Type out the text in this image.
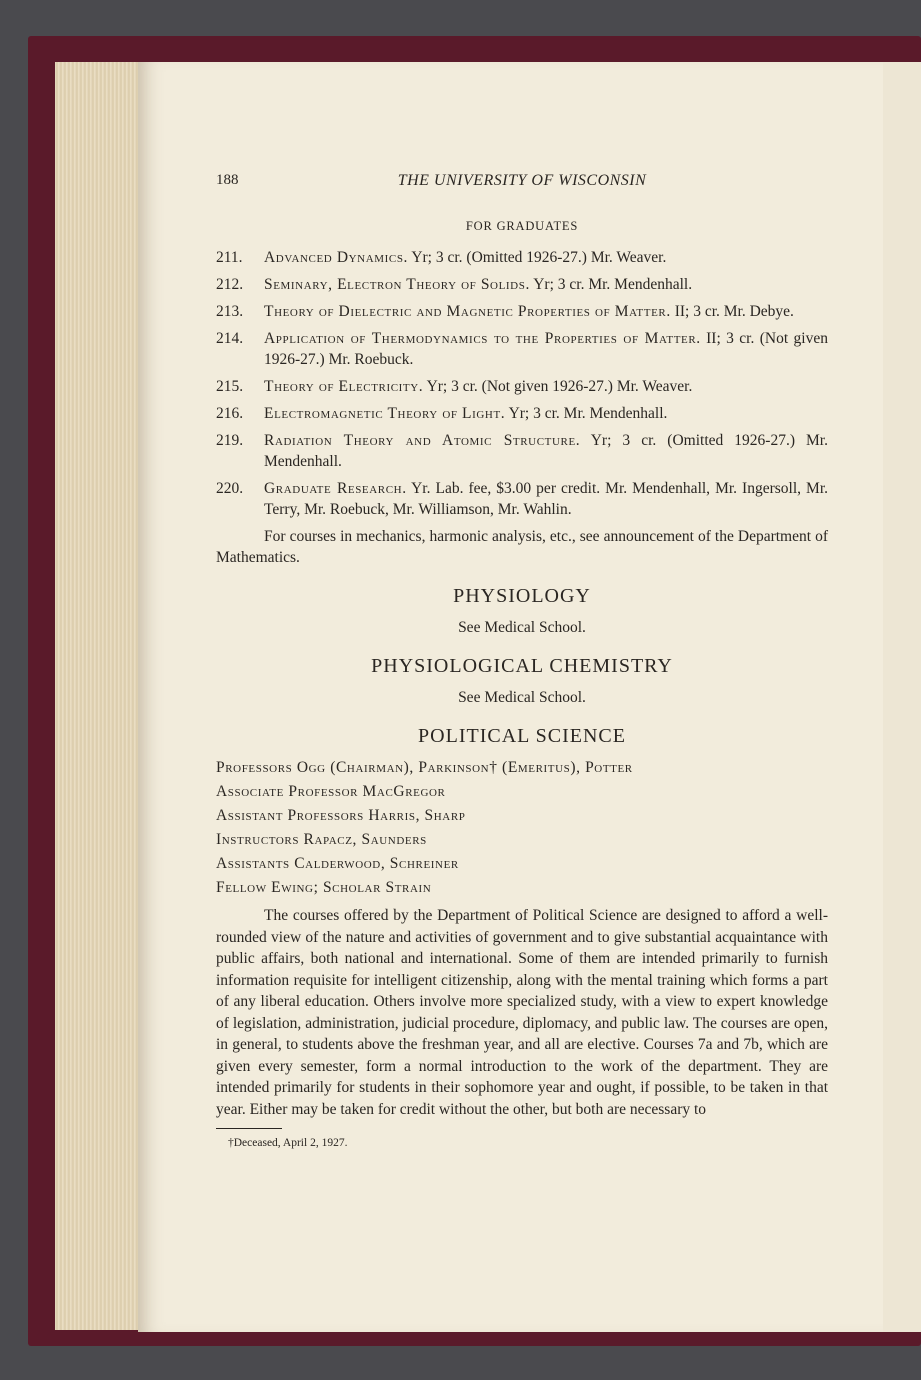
188	THE UNIVERSITY OF WISCONSIN
FOR GRADUATES
211.	Advanced Dynamics. Yr; 3 cr. (Omitted 1926-27.) Mr. Weaver.
212.	Seminary, Electron Theory of Solids. Yr; 3 cr. Mr. Mendenhall.
213.	Theory of Dielectric and Magnetic Properties of Matter. II; 3 cr. Mr. Debye.
214.	Application of Thermodynamics to the Properties of Matter. II; 3 cr. (Not given 1926-27.) Mr. Roebuck.
215.	Theory of Electricity. Yr; 3 cr. (Not given 1926-27.) Mr. Weaver.
216.	Electromagnetic Theory of Light. Yr; 3 cr. Mr. Mendenhall.
219.	Radiation Theory and Atomic Structure. Yr; 3 cr. (Omitted 1926-27.) Mr. Mendenhall.
220.	Graduate Research. Yr. Lab. fee, $3.00 per credit. Mr. Mendenhall, Mr. Ingersoll, Mr. Terry, Mr. Roebuck, Mr. Williamson, Mr. Wahlin.
For courses in mechanics, harmonic analysis, etc., see announcement of the Department of Mathematics.
PHYSIOLOGY
See Medical School.
PHYSIOLOGICAL CHEMISTRY
See Medical School.
POLITICAL SCIENCE
Professors Ogg (Chairman), Parkinson† (Emeritus), Potter
Associate Professor MacGregor
Assistant Professors Harris, Sharp
Instructors Rapacz, Saunders
Assistants Calderwood, Schreiner
Fellow Ewing; Scholar Strain
The courses offered by the Department of Political Science are designed to afford a well-rounded view of the nature and activities of government and to give substantial acquaintance with public affairs, both national and international. Some of them are intended primarily to furnish information requisite for intelligent citizenship, along with the mental training which forms a part of any liberal education. Others involve more specialized study, with a view to expert knowledge of legislation, administration, judicial procedure, diplomacy, and public law. The courses are open, in general, to students above the freshman year, and all are elective. Courses 7a and 7b, which are given every semester, form a normal introduction to the work of the department. They are intended primarily for students in their sophomore year and ought, if possible, to be taken in that year. Either may be taken for credit without the other, but both are necessary to
†Deceased, April 2, 1927.
